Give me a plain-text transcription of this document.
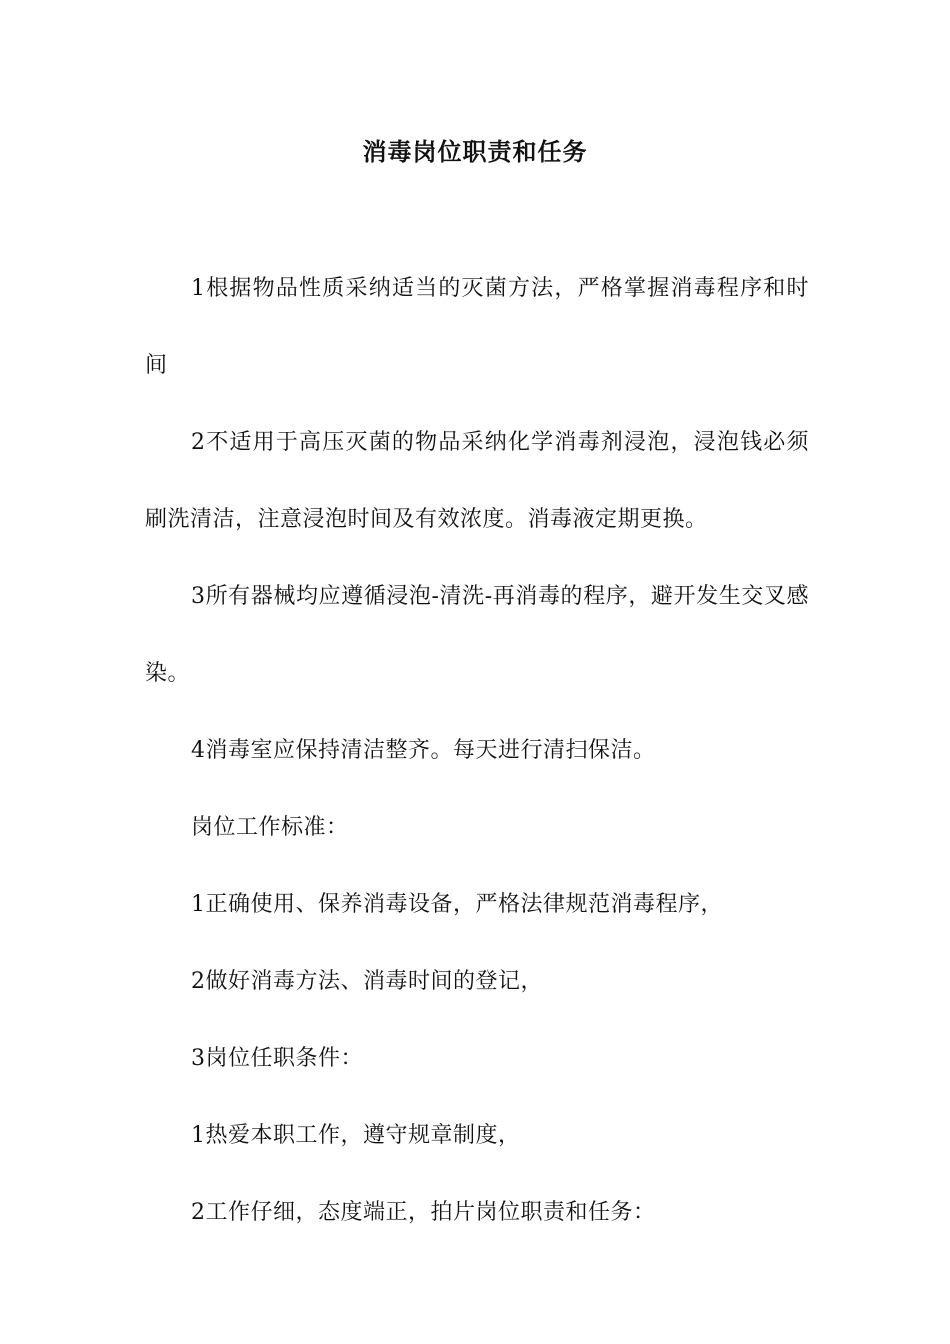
消毒岗位职责和任务

1根据物品性质采纳适当的灭菌方法，严格掌握消毒程序和时间

2不适用于高压灭菌的物品采纳化学消毒剂浸泡，浸泡钱必须刷洗清洁，注意浸泡时间及有效浓度。消毒液定期更换。

3所有器械均应遵循浸泡-清洗-再消毒的程序，避开发生交叉感染。

4消毒室应保持清洁整齐。每天进行清扫保洁。

岗位工作标准：

1正确使用、保养消毒设备，严格法律规范消毒程序，

2做好消毒方法、消毒时间的登记，

3岗位任职条件：

1热爱本职工作，遵守规章制度，

2工作仔细，态度端正，拍片岗位职责和任务：
